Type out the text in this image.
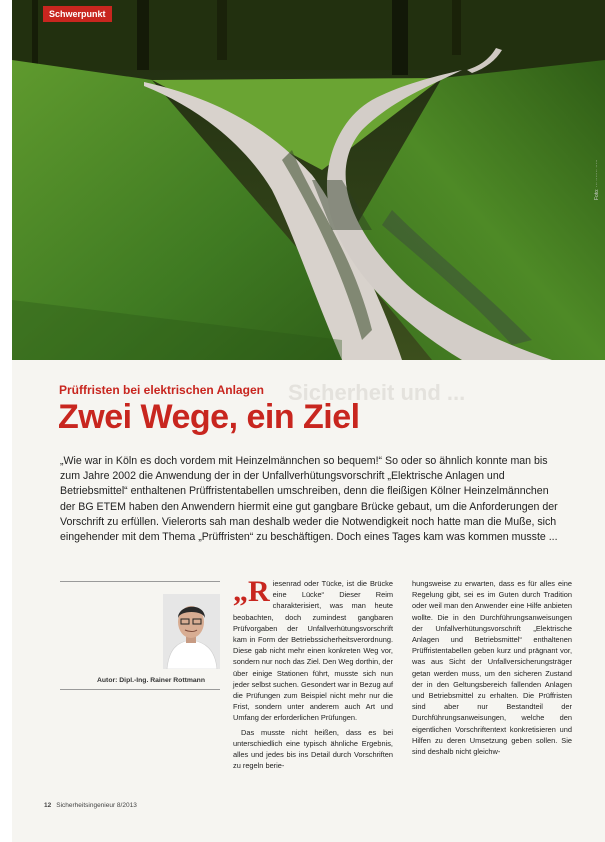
Schwerpunkt
Foto: ··· ······· ·····
Sicherheit und ...
Prüffristen bei elektrischen Anlagen
Zwei Wege, ein Ziel
„Wie war in Köln es doch vordem mit Heinzelmännchen so bequem!“ So oder so ähnlich konnte man bis zum Jahre 2002 die Anwendung der in der Unfallverhütungsvorschrift „Elektrische Anlagen und Betriebsmittel“ enthaltenen Prüffristentabellen umschreiben, denn die fleißigen Kölner Heinzelmännchen der BG ETEM haben den Anwendern hiermit eine gut gangbare Brücke gebaut, um die Anforderungen der Vorschrift zu erfüllen. Vielerorts sah man deshalb weder die Notwendigkeit noch hatte man die Muße, sich eingehender mit dem Thema „Prüffristen“ zu beschäftigen. Doch eines Tages kam was kommen musste ...
Autor: Dipl.-Ing. Rainer Rottmann

„Riesenrad oder Tücke, ist die Brücke eine Lücke“ Dieser Reim charakterisiert, was man heute beobachten, doch zumindest gangbaren Prüfvorgaben der Unfallverhütungsvorschrift kam in Form der Betriebssicherheitsverordnung. Diese gab nicht mehr einen konkreten Weg vor, sondern nur noch das Ziel. Den Weg dorthin, der über einige Stationen führt, musste sich nun jeder selbst suchen. Gesondert war in Bezug auf die Prüfungen zum Beispiel nicht mehr nur die Frist, sondern unter anderem auch Art und Umfang der erforderlichen Prüfungen.

Das musste nicht heißen, dass es bei unterschiedlich eine typisch ähnliche Ergebnis, alles und jedes bis ins Detail durch Vorschriften zu regeln berie-

hungsweise zu erwarten, dass es für alles eine Regelung gibt, sei es im Guten durch Tradition oder weil man den Anwender eine Hilfe anbieten wollte. Die in den Durchführungsanweisungen der Unfallverhütungsvorschrift „Elektrische Anlagen und Betriebsmittel“ enthaltenen Prüffristentabellen geben kurz und prägnant vor, was aus Sicht der Unfallversicherungsträger getan werden muss, um den sicheren Zustand der in den Geltungsbereich fallenden Anlagen und Betriebsmittel zu erhalten. Die Prüffristen sind aber nur Bestandteil der Durchführungsanweisungen, welche den eigentlichen Vorschriftentext konkretisieren und Hilfen zu deren Umsetzung geben sollen. Sie sind deshalb nicht gleichw-

12 Sicherheitsingenieur 8/2013
